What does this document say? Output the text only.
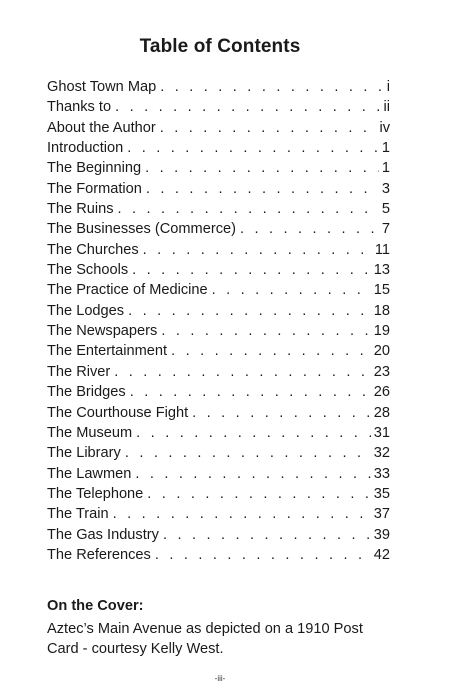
Table of Contents
Ghost Town Map . . .	i
Thanks to . . .	ii
About the Author . . .	iv
Introduction . . .	1
The Beginning . . .	1
The Formation . . .	3
The Ruins . . .	5
The Businesses (Commerce) . . .	7
The Churches . . .	11
The Schools . . .	13
The Practice of Medicine . . .	15
The Lodges . . .	18
The Newspapers . . .	19
The Entertainment . . .	20
The River . . .	23
The Bridges . . .	26
The Courthouse Fight . . .	28
The Museum . . .	31
The Library . . .	32
The Lawmen . . .	33
The Telephone . . .	35
The Train . . .	37
The Gas Industry . . .	39
The References . . .	42
On the Cover:
Aztec’s Main Avenue as depicted on a 1910 Post Card - courtesy Kelly West.
-iii-
